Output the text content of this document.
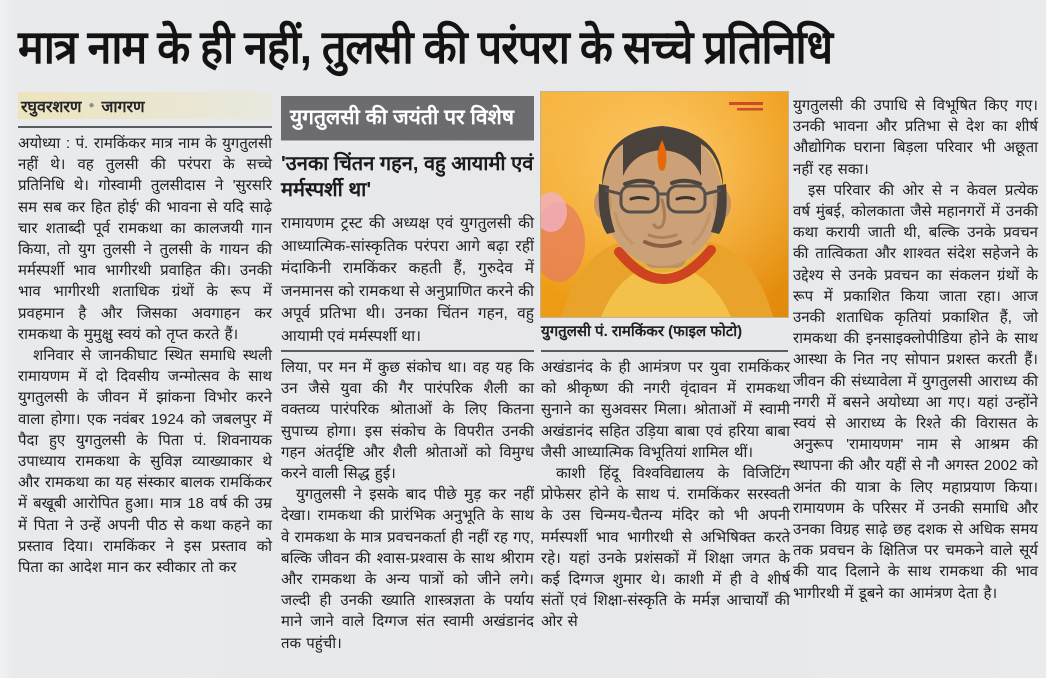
मात्र नाम के ही नहीं, तुलसी की परंपरा के सच्चे प्रतिनिधि
रघुवरशरण ● जागरण

अयोध्या : पं. रामकिंकर मात्र नाम के युगतुलसी नहीं थे। वह तुलसी की परंपरा के सच्चे प्रतिनिधि थे। गोस्वामी तुलसीदास ने 'सुरसरि सम सब कर हित होई' की भावना से यदि साढ़े चार शताब्दी पूर्व रामकथा का कालजयी गान किया, तो युग तुलसी ने तुलसी के गायन की मर्मस्पर्शी भाव भागीरथी प्रवाहित की। उनकी भाव भागीरथी शताधिक ग्रंथों के रूप में प्रवहमान है और जिसका अवगाहन कर रामकथा के मुमुक्षु स्वयं को तृप्त करते हैं।

शनिवार से जानकीघाट स्थित समाधि स्थली रामायणम में दो दिवसीय जन्मोत्सव के साथ युगतुलसी के जीवन में झांकना विभोर करने वाला होगा। एक नवंबर 1924 को जबलपुर में पैदा हुए युगतुलसी के पिता पं. शिवनायक उपाध्याय रामकथा के सुविज्ञ व्याख्याकार थे और रामकथा का यह संस्कार बालक रामकिंकर में बखूबी आरोपित हुआ। मात्र 18 वर्ष की उम्र में पिता ने उन्हें अपनी पीठ से कथा कहने का प्रस्ताव दिया। रामकिंकर ने इस प्रस्ताव को पिता का आदेश मान कर स्वीकार तो कर

युगतुलसी की जयंती पर विशेष
'उनका चिंतन गहन, वहु आयामी एवं मर्मस्पर्शी था'
रामायणम ट्रस्ट की अध्यक्ष एवं युगतुलसी की आध्यात्मिक-सांस्कृतिक परंपरा आगे बढ़ा रहीं मंदाकिनी रामकिंकर कहती हैं, गुरुदेव में जनमानस को रामकथा से अनुप्राणित करने की अपूर्व प्रतिभा थी। उनका चिंतन गहन, वहु आयामी एवं मर्मस्पर्शी था।

लिया, पर मन में कुछ संकोच था। वह यह कि उन जैसे युवा की गैर पारंपरिक शैली का वक्तव्य पारंपरिक श्रोताओं के लिए कितना सुपाच्य होगा। इस संकोच के विपरीत उनकी गहन अंतर्दृष्टि और शैली श्रोताओं को विमुग्ध करने वाली सिद्ध हुई।

युगतुलसी ने इसके बाद पीछे मुड़ कर नहीं देखा। रामकथा की प्रारंभिक अनुभूति के साथ वे रामकथा के मात्र प्रवचनकर्ता ही नहीं रह गए, बल्कि जीवन की श्वास-प्रश्वास के साथ श्रीराम और रामकथा के अन्य पात्रों को जीने लगे। जल्दी ही उनकी ख्याति शास्त्रज्ञता के पर्याय माने जाने वाले दिग्गज संत स्वामी अखंडानंद तक पहुंची।

युगतुलसी पं. रामकिंकर (फाइल फोटो)

अखंडानंद के ही आमंत्रण पर युवा रामकिंकर को श्रीकृष्ण की नगरी वृंदावन में रामकथा सुनाने का सुअवसर मिला। श्रोताओं में स्वामी अखंडानंद सहित उड़िया बाबा एवं हरिया बाबा जैसी आध्यात्मिक विभूतियां शामिल थीं।

काशी हिंदू विश्वविद्यालय के विजिटिंग प्रोफेसर होने के साथ पं. रामकिंकर सरस्वती के उस चिन्मय-चैतन्य मंदिर को भी अपनी मर्मस्पर्शी भाव भागीरथी से अभिषिक्त करते रहे। यहां उनके प्रशंसकों में शिक्षा जगत के कई दिग्गज शुमार थे। काशी में ही वे शीर्ष संतों एवं शिक्षा-संस्कृति के मर्मज्ञ आचार्यों की ओर से

युगतुलसी की उपाधि से विभूषित किए गए। उनकी भावना और प्रतिभा से देश का शीर्ष औद्योगिक घराना बिड़ला परिवार भी अछूता नहीं रह सका।

इस परिवार की ओर से न केवल प्रत्येक वर्ष मुंबई, कोलकाता जैसे महानगरों में उनकी कथा करायी जाती थी, बल्कि उनके प्रवचन की तात्विकता और शाश्वत संदेश सहेजने के उद्देश्य से उनके प्रवचन का संकलन ग्रंथों के रूप में प्रकाशित किया जाता रहा। आज उनकी शताधिक कृतियां प्रकाशित हैं, जो रामकथा की इनसाइक्लोपीडिया होने के साथ आस्था के नित नए सोपान प्रशस्त करती हैं। जीवन की संध्यावेला में युगतुलसी आराध्य की नगरी में बसने अयोध्या आ गए। यहां उन्होंने स्वयं से आराध्य के रिश्ते की विरासत के अनुरूप 'रामायणम' नाम से आश्रम की स्थापना की और यहीं से नौ अगस्त 2002 को अनंत की यात्रा के लिए महाप्रयाण किया। रामायणम के परिसर में उनकी समाधि और उनका विग्रह साढ़े छह दशक से अधिक समय तक प्रवचन के क्षितिज पर चमकने वाले सूर्य की याद दिलाने के साथ रामकथा की भाव भागीरथी में डूबने का आमंत्रण देता है।
